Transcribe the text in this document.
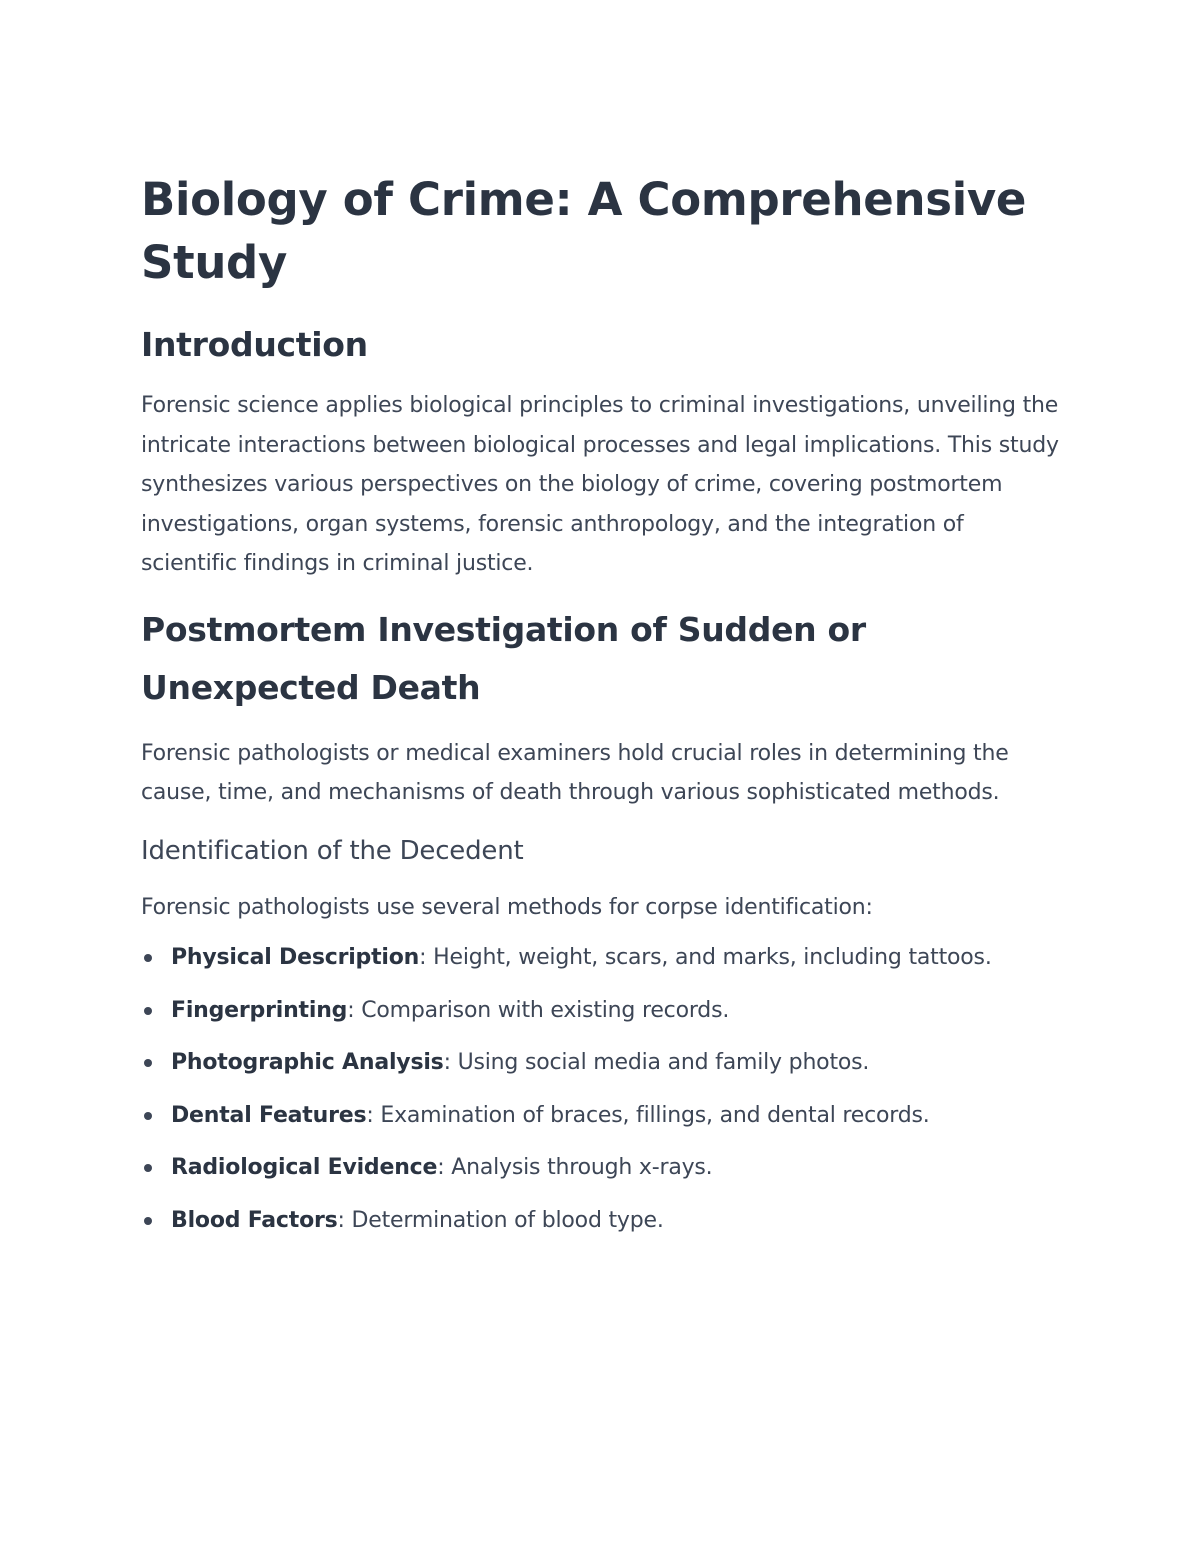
Biology of Crime: A Comprehensive Study
Introduction

Forensic science applies biological principles to criminal investigations, unveiling the intricate interactions between biological processes and legal implications. This study synthesizes various perspectives on the biology of crime, covering postmortem investigations, organ systems, forensic anthropology, and the integration of scientific findings in criminal justice.

Postmortem Investigation of Sudden or Unexpected Death

Forensic pathologists or medical examiners hold crucial roles in determining the cause, time, and mechanisms of death through various sophisticated methods.

Identification of the Decedent

Forensic pathologists use several methods for corpse identification:

Physical Description: Height, weight, scars, and marks, including tattoos.
Fingerprinting: Comparison with existing records.
Photographic Analysis: Using social media and family photos.
Dental Features: Examination of braces, fillings, and dental records.
Radiological Evidence: Analysis through x-rays.
Blood Factors: Determination of blood type.
